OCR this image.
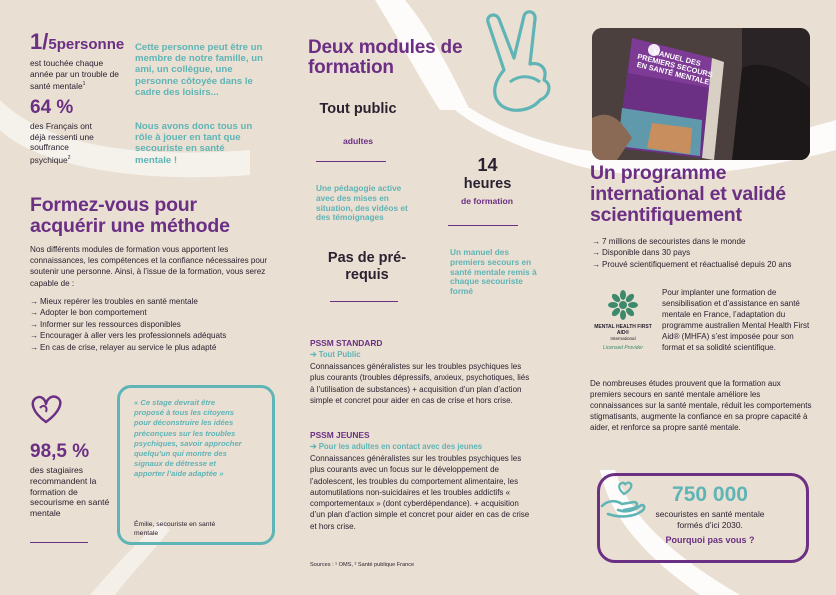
1/5personne
est touchée chaque année par un trouble de santé mentale$^1$
64 %
des Français ont déjà ressenti une souffrance psychique$^2$
Cette personne peut être un membre de notre famille, un ami, un collègue, une personne côtoyée dans le cadre des loisirs...
Nous avons donc tous un rôle à jouer en tant que secouriste en santé mentale !
Formez-vous pour acquérir une méthode
Nos différents modules de formation vous apportent les connaissances, les compétences et la confiance nécessaires pour soutenir une personne. Ainsi, à l’issue de la formation, vous serez capable de :
→ Mieux repérer les troubles en santé mentale
→ Adopter le bon comportement
→ Informer sur les ressources disponibles
→ Encourager à aller vers les professionnels adéquats
→ En cas de crise, relayer au service le plus adapté
98,5 %
des stagiaires recommandent la formation de secourisme en santé mentale
« Ce stage devrait être proposé à tous les citoyens pour déconstruire les idées préconçues sur les troubles psychiques, savoir approcher quelqu’un qui montre des signaux de détresse et apporter l’aide adaptée »
Émilie, secouriste en santé mentale
Deux modules de formation
Tout public
adultes
14
heures
de formation
Une pédagogie active avec des mises en situation, des vidéos et des témoignages
Pas de pré-requis
Un manuel des premiers secours en santé mentale remis à chaque secouriste formé
PSSM STANDARD
➔ Tout Public
Connaissances généralistes sur les troubles psychiques les plus courants (troubles dépressifs, anxieux, psychotiques, liés à l’utilisation de substances) + acquisition d’un plan d’action simple et concret pour aider en cas de crise et hors crise.
PSSM JEUNES
➔ Pour les adultes en contact avec des jeunes
Connaissances généralistes sur les troubles psychiques les plus courants avec un focus sur le développement de l’adolescent, les troubles du comportement alimentaire, les automutilations non-suicidaires et les troubles addictifs « comportementaux » (dont cyberdépendance). + acquisition d’un plan d’action simple et concret pour aider en cas de crise et hors crise.
Sources : ¹ OMS, ² Santé publique France
MANUEL DES PREMIERS SECOURS EN SANTÉ MENTALE
Un programme international et validé scientifiquement
→ 7 millions de secouristes dans le monde
→ Disponible dans 30 pays
→ Prouvé scientifiquement et réactualisé depuis 20 ans
MENTAL HEALTH FIRST AID®
International
Licensed Provider
Pour implanter une formation de sensibilisation et d’assistance en santé mentale en France, l’adaptation du programme australien Mental Health First Aid® (MHFA) s’est imposée pour son format et sa solidité scientifique.
De nombreuses études prouvent que la formation aux premiers secours en santé mentale améliore les connaissances sur la santé mentale, réduit les comportements stigmatisants, augmente la confiance en sa propre capacité à aider, et renforce sa propre santé mentale.
750 000
secouristes en santé mentale formés d’ici 2030.
Pourquoi pas vous ?
